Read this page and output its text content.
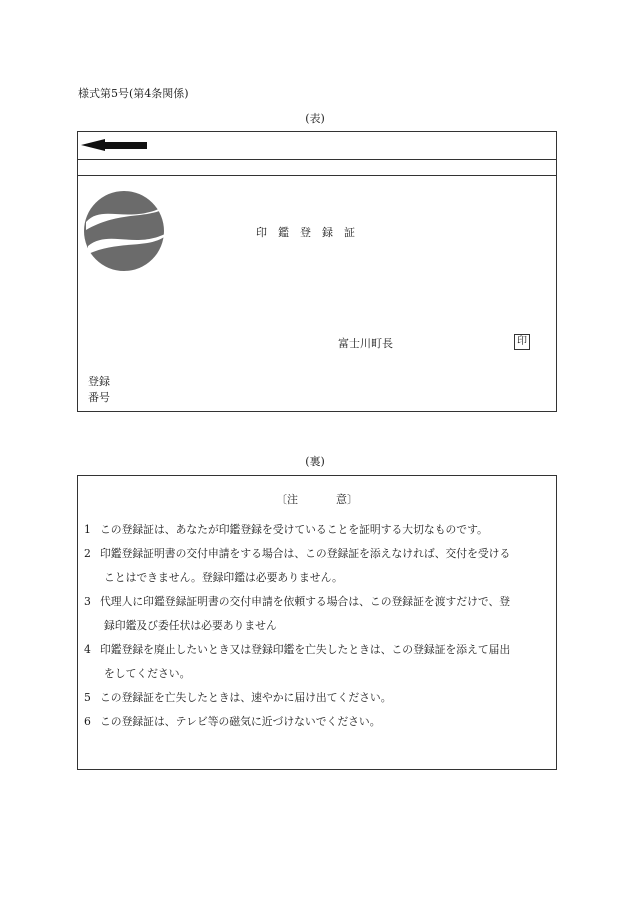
様式第5号(第4条関係)
(表)
印鑑登録証
富士川町長	印
登録
番号
(裏)
〔注	意〕
1 この登録証は、あなたが印鑑登録を受けていることを証明する大切なものです。
2 印鑑登録証明書の交付申請をする場合は、この登録証を添えなければ、交付を受ける
ことはできません。登録印鑑は必要ありません。
3 代理人に印鑑登録証明書の交付申請を依頼する場合は、この登録証を渡すだけで、登
録印鑑及び委任状は必要ありません
4 印鑑登録を廃止したいとき又は登録印鑑を亡失したときは、この登録証を添えて届出
をしてください。
5 この登録証を亡失したときは、速やかに届け出てください。
6 この登録証は、テレビ等の磁気に近づけないでください。
